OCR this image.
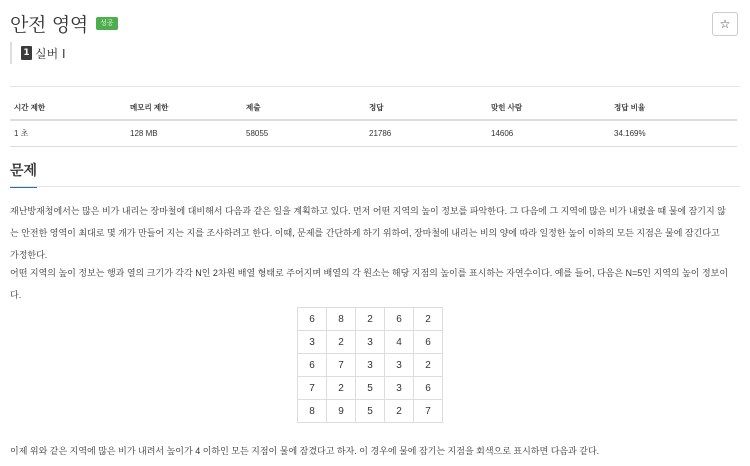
안전 영역	성공	☆
1 실버 I
시간 제한	메모리 제한	제출	정답	맞힌 사람	정답 비율
1 초	128 MB	58055	21786	14606	34.169%
문제

재난방재청에서는 많은 비가 내리는 장마철에 대비해서 다음과 같은 일을 계획하고 있다. 먼저 어떤 지역의 높이 정보를 파악한다. 그 다음에 그 지역에 많은 비가 내렸을 때 물에 잠기지 않는 안전한 영역이 최대로 몇 개가 만들어 지는 지를 조사하려고 한다. 이때, 문제를 간단하게 하기 위하여, 장마철에 내리는 비의 양에 따라 일정한 높이 이하의 모든 지점은 물에 잠긴다고 가정한다.

어떤 지역의 높이 정보는 행과 열의 크기가 각각 N인 2차원 배열 형태로 주어지며 배열의 각 원소는 해당 지점의 높이를 표시하는 자연수이다. 예를 들어, 다음은 N=5인 지역의 높이 정보이다.

6	8	2	6	2
3	2	3	4	6
6	7	3	3	2
7	2	5	3	6
8	9	5	2	7

이제 위와 같은 지역에 많은 비가 내려서 높이가 4 이하인 모든 지점이 물에 잠겼다고 하자. 이 경우에 물에 잠기는 지점을 회색으로 표시하면 다음과 같다.
